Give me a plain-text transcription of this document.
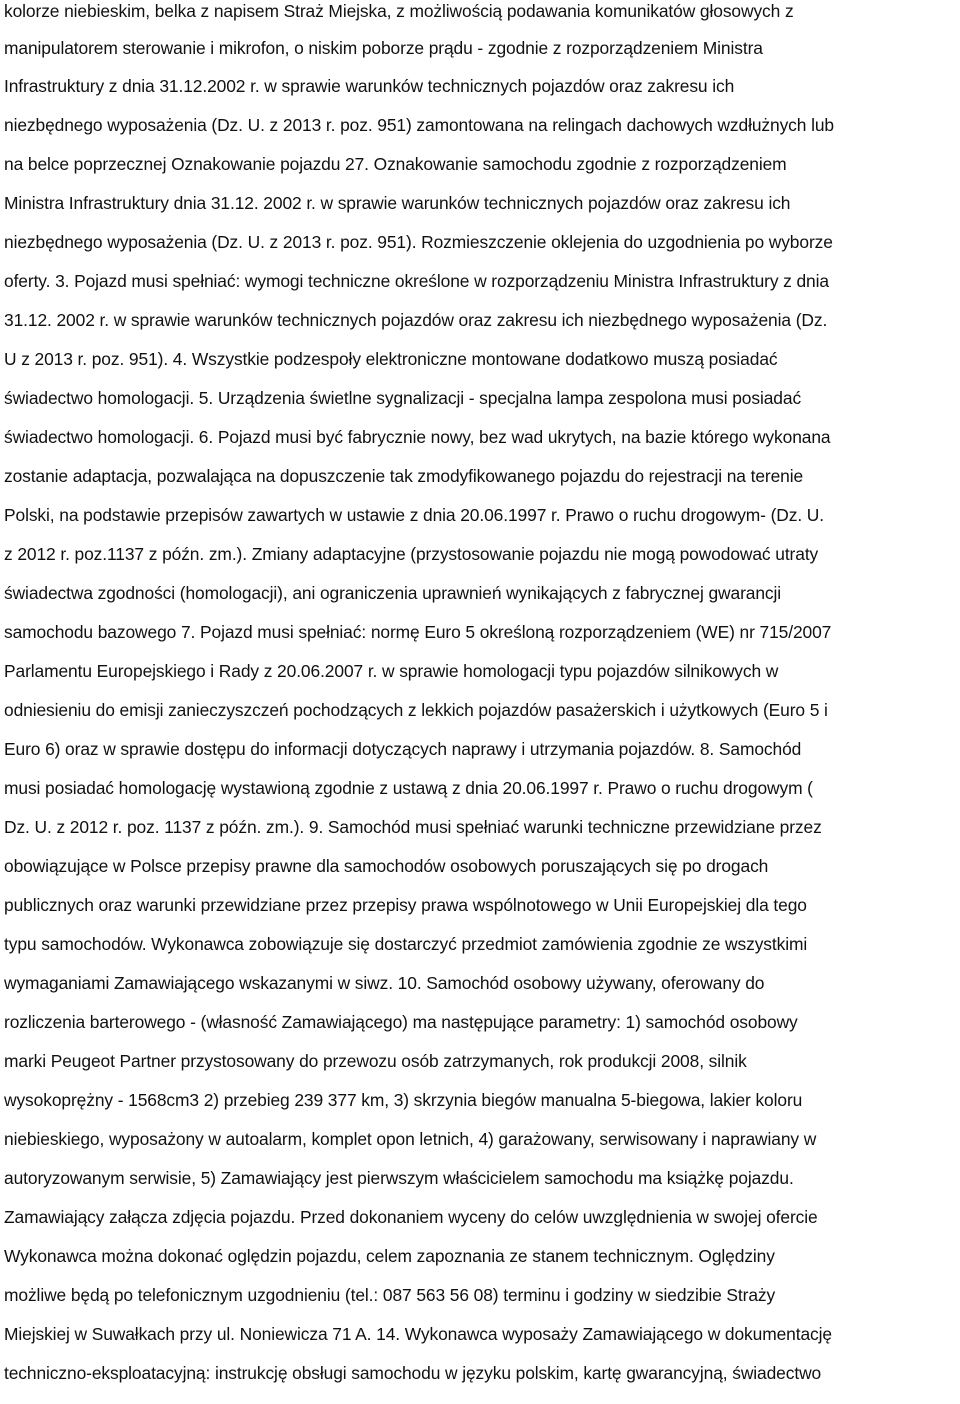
kolorze niebieskim, belka z napisem Straż Miejska, z możliwością podawania komunikatów głosowych z
manipulatorem sterowanie i mikrofon, o niskim poborze prądu - zgodnie z rozporządzeniem Ministra
Infrastruktury z dnia 31.12.2002 r. w sprawie warunków technicznych pojazdów oraz zakresu ich
niezbędnego wyposażenia (Dz. U. z 2013 r. poz. 951) zamontowana na relingach dachowych wzdłużnych lub
na belce poprzecznej Oznakowanie pojazdu 27. Oznakowanie samochodu zgodnie z rozporządzeniem
Ministra Infrastruktury dnia 31.12. 2002 r. w sprawie warunków technicznych pojazdów oraz zakresu ich
niezbędnego wyposażenia (Dz. U. z 2013 r. poz. 951). Rozmieszczenie oklejenia do uzgodnienia po wyborze
oferty. 3. Pojazd musi spełniać: wymogi techniczne określone w rozporządzeniu Ministra Infrastruktury z dnia
31.12. 2002 r. w sprawie warunków technicznych pojazdów oraz zakresu ich niezbędnego wyposażenia (Dz.
U z 2013 r. poz. 951). 4. Wszystkie podzespoły elektroniczne montowane dodatkowo muszą posiadać
świadectwo homologacji. 5. Urządzenia świetlne sygnalizacji - specjalna lampa zespolona musi posiadać
świadectwo homologacji. 6. Pojazd musi być fabrycznie nowy, bez wad ukrytych, na bazie którego wykonana
zostanie adaptacja, pozwalająca na dopuszczenie tak zmodyfikowanego pojazdu do rejestracji na terenie
Polski, na podstawie przepisów zawartych w ustawie z dnia 20.06.1997 r. Prawo o ruchu drogowym- (Dz. U.
z 2012 r. poz.1137 z późn. zm.). Zmiany adaptacyjne (przystosowanie pojazdu nie mogą powodować utraty
świadectwa zgodności (homologacji), ani ograniczenia uprawnień wynikających z fabrycznej gwarancji
samochodu bazowego 7. Pojazd musi spełniać: normę Euro 5 określoną rozporządzeniem (WE) nr 715/2007
Parlamentu Europejskiego i Rady z 20.06.2007 r. w sprawie homologacji typu pojazdów silnikowych w
odniesieniu do emisji zanieczyszczeń pochodzących z lekkich pojazdów pasażerskich i użytkowych (Euro 5 i
Euro 6) oraz w sprawie dostępu do informacji dotyczących naprawy i utrzymania pojazdów. 8. Samochód
musi posiadać homologację wystawioną zgodnie z ustawą z dnia 20.06.1997 r. Prawo o ruchu drogowym (
Dz. U. z 2012 r. poz. 1137 z późn. zm.). 9. Samochód musi spełniać warunki techniczne przewidziane przez
obowiązujące w Polsce przepisy prawne dla samochodów osobowych poruszających się po drogach
publicznych oraz warunki przewidziane przez przepisy prawa wspólnotowego w Unii Europejskiej dla tego
typu samochodów. Wykonawca zobowiązuje się dostarczyć przedmiot zamówienia zgodnie ze wszystkimi
wymaganiami Zamawiającego wskazanymi w siwz. 10. Samochód osobowy używany, oferowany do
rozliczenia barterowego - (własność Zamawiającego) ma następujące parametry: 1) samochód osobowy
marki Peugeot Partner przystosowany do przewozu osób zatrzymanych, rok produkcji 2008, silnik
wysokoprężny - 1568cm3 2) przebieg 239 377 km, 3) skrzynia biegów manualna 5-biegowa, lakier koloru
niebieskiego, wyposażony w autoalarm, komplet opon letnich, 4) garażowany, serwisowany i naprawiany w
autoryzowanym serwisie, 5) Zamawiający jest pierwszym właścicielem samochodu ma książkę pojazdu.
Zamawiający załącza zdjęcia pojazdu. Przed dokonaniem wyceny do celów uwzględnienia w swojej ofercie
Wykonawca można dokonać oględzin pojazdu, celem zapoznania ze stanem technicznym. Oględziny
możliwe będą po telefonicznym uzgodnieniu (tel.: 087 563 56 08) terminu i godziny w siedzibie Straży
Miejskiej w Suwałkach przy ul. Noniewicza 71 A. 14. Wykonawca wyposaży Zamawiającego w dokumentację
techniczno-eksploatacyjną: instrukcję obsługi samochodu w języku polskim, kartę gwarancyjną, świadectwo
